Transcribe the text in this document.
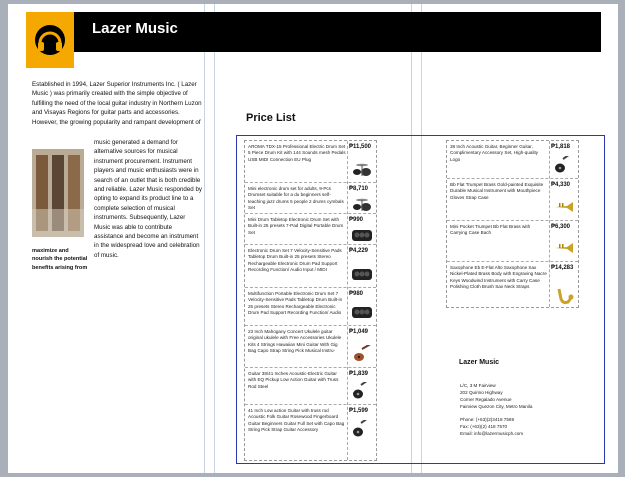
Lazer Music
Established in 1994, Lazer Superior Instruments Inc. ( Lazer Music ) was primarily created with the simple objective of fulfilling the need of the local guitar industry in Northern Luzon and Visayas Regions for guitar parts and accessories. However, the growing popularity and rampant development of
music generated a demand for alternative sources for musical instrument procurement. Instrument players and music enthusiasts were in search of an outlet that is both credible and reliable. Lazer Music responded by opting to expand its product line to a complete selection of musical instruments. Subsequently, Lazer Music was able to contribute assistance and become an instrument in the widespread love and celebration of music.
maximize and nourish the potential benefits arising from
Price List
AROMA TDX-15 Professional Electric Drum Set 5 Piece Drum Kit with 144 Sounds mesh Pedals USB MIDI Connection EU Plug
₱11,500
Mini electronic drum set for adults, 9-Pcs Drumset suitable for a du beginners self-teaching jazz drums 5 people 2 drums cymbals Set
₱8,710
Mini Drum Tabletop Electronic Drum Set with Built-in 25 presets 7-Pad Digital Portable Drum Set
₱990
Electronic Drum Set 7 Velocity-Sensitive Pads Tabletop Drum Built-in 25 presets Stereo Rechargeable Electronic Drum Pad Support Recording Function/ Audio Input / MIDI
₱4,229
Multifunction Portable Electronic Drum Set 7 Velocity-Sensitive Pads Tabletop Drum Built-in 25 presets Stereo Rechargeable Electronic Drum Pad Support Recording Function/ Audio
₱980
23 Inch Mahogany Concert Ukulele guitar original ukulele with Free Accessories Ukulele Kits 4 Strings Hawaiian Mini Guitar With Gig Bag Capo Strap String Pick Musical Instru-
₱1,049
Guitar 38/41 Inches Acoustic-Electric Guitar with EQ Pickup Low Action Guitar with Truss Rod Steel
₱1,839
41 Inch Low action Guitar with truss rod Acoustic Folk Guitar Rosewood Fingerboard Guitar Beginners Guitar Full Set with Capo Bag String Pick Strap Guitar Accessory
₱1,599
38 Inch Acoustic Guitar, Beginner Guitar, Complimentary Accessory Set, High-quality Logo
₱1,818
Bb Flat Trumpet Brass Gold-painted Exquisite Durable Musical Instrument with Mouthpiece Gloves Strap Case
₱4,330
Mini Pocket Trumpet Bb Flat Brass with Carrying Case Bach
₱6,300
Saxophone Eb E-Flat Alto Saxophone Sax Nickel-Plated Brass Body with Engraving Nacre Keys Woodwind Instrument with Carry Case Polishing Cloth Brush Sax Neck Straps
₱14,283
Lazer Music
L/C, 3 M Fairview
202 Quirino Highway
Corner Regalado Avenue
Fairview Quezon City, Metro Manila
Phone: (+63)(2)3418 7569
Fax: (+63)(2) 418 7570
Email: info@lazermusicph.com
